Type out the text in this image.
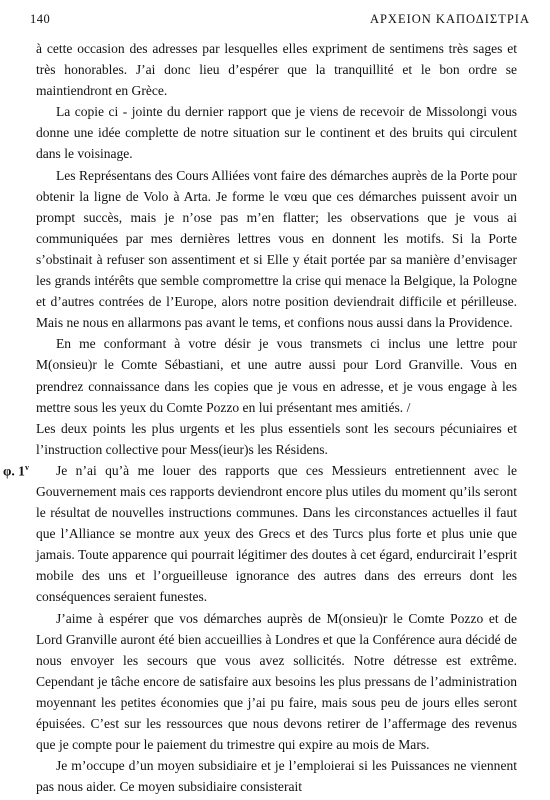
140	ΑΡΧΕΙΟΝ ΚΑΠΟΔΙΣΤΡΙΑ
φ. 1$^v$

à cette occasion des adresses par lesquelles elles expriment de sentimens très sages et très honorables. J’ai donc lieu d’espérer que la tranquillité et le bon ordre se maintiendront en Grèce.

La copie ci - jointe du dernier rapport que je viens de recevoir de Missolongi vous donne une idée complette de notre situation sur le continent et des bruits qui circulent dans le voisinage.

Les Représentans des Cours Alliées vont faire des démarches auprès de la Porte pour obtenir la ligne de Volo à Arta. Je forme le vœu que ces démarches puissent avoir un prompt succès, mais je n’ose pas m’en flatter; les observations que je vous ai communiquées par mes dernières lettres vous en donnent les motifs. Si la Porte s’obstinait à refuser son assentiment et si Elle y était portée par sa manière d’envisager les grands intérêts que semble compromettre la crise qui menace la Belgique, la Pologne et d’autres contrées de l’Europe, alors notre position deviendrait difficile et périlleuse. Mais ne nous en allarmons pas avant le tems, et confions nous aussi dans la Providence.

En me conformant à votre désir je vous transmets ci inclus une lettre pour M(onsieu)r le Comte Sébastiani, et une autre aussi pour Lord Granville. Vous en prendrez connaissance dans les copies que je vous en adresse, et je vous engage à les mettre sous les yeux du Comte Pozzo en lui présentant mes amitiés. /

Les deux points les plus urgents et les plus essentiels sont les secours pécuniaires et l’instruction collective pour Mess(ieur)s les Résidens.

Je n’ai qu’à me louer des rapports que ces Messieurs entretiennent avec le Gouvernement mais ces rapports deviendront encore plus utiles du moment qu’ils seront le résultat de nouvelles instructions communes. Dans les circonstances actuelles il faut que l’Alliance se montre aux yeux des Grecs et des Turcs plus forte et plus unie que jamais. Toute apparence qui pourrait légitimer des doutes à cet égard, endurcirait l’esprit mobile des uns et l’orgueilleuse ignorance des autres dans des erreurs dont les conséquences seraient funestes.

J’aime à espérer que vos démarches auprès de M(onsieu)r le Comte Pozzo et de Lord Granville auront été bien accueillies à Londres et que la Conférence aura décidé de nous envoyer les secours que vous avez sollicités. Notre détresse est extrême. Cependant je tâche encore de satisfaire aux besoins les plus pressans de l’administration moyennant les petites économies que j’ai pu faire, mais sous peu de jours elles seront épuisées. C’est sur les ressources que nous devons retirer de l’affermage des revenus que je compte pour le paiement du trimestre qui expire au mois de Mars.

Je m’occupe d’un moyen subsidiaire et je l’emploierai si les Puissances ne viennent pas nous aider. Ce moyen subsidiaire consisterait
